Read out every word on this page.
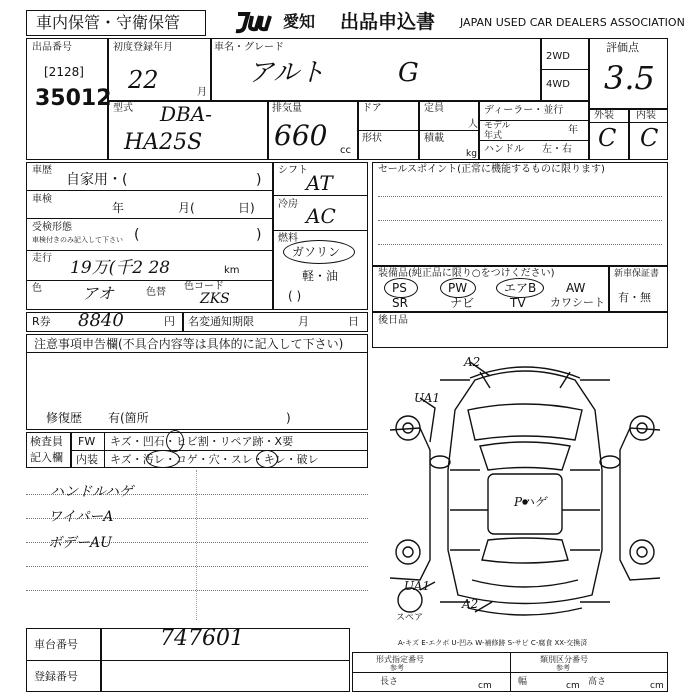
車内保管・守衛保管	愛知 出品申込書 JAPAN USED CAR DEALERS ASSOCIATION
出品番号
[2128]
35012
初度登録年月
22	月
車名・グレード
アルト	G
2WD
4WD
評価点
3.5
型式 DBA-
HA25S
排気量
660 cc
ドア
形状
定員
人
積載
kg
ディーラー・並行
モデル
年式	年
ハンドル 左・右
外装 内装
C C
車歴
自家用・(	)
車検
年	月(	日)
受検形態
車検付きのみ記入して下さい (	)
走行 19万(千2 28	km
色	アオ	色替
色コード
ZKS
シフト
AT
冷房 AC
燃料
ガソリン
軽・油
( )
セールスポイント(正常に機能するものに限ります)
装備品(純正品に限り○をつけください)
PS	PW	エアB AW
SR	ナビ	TV カワシート
新車保証書
有・無
R券 8840	円 名変通知期限	月	日 後日品
注意事項申告欄(不具合内容等は具体的に記入して下さい)
修復歴 有(箇所	)
検査員
記入欄
FW キズ・凹石・ヒビ割・リペア跡・X要
内装 キズ・汚レ・コゲ・穴・スレ・キレ・破レ
ハンドルハゲ
ワイパーA
ボデーAU
A2
UA1
Pハゲ
UA1
A2
スペア
車台番号	747601
登録番号
A-キズ E-エクボ U-凹み W-補修跡 S-サビ C-腐食 XX-交換済
形式指定番号
参考
類別区分番号
参考
長さ	cm	幅	cm 高さ	cm
